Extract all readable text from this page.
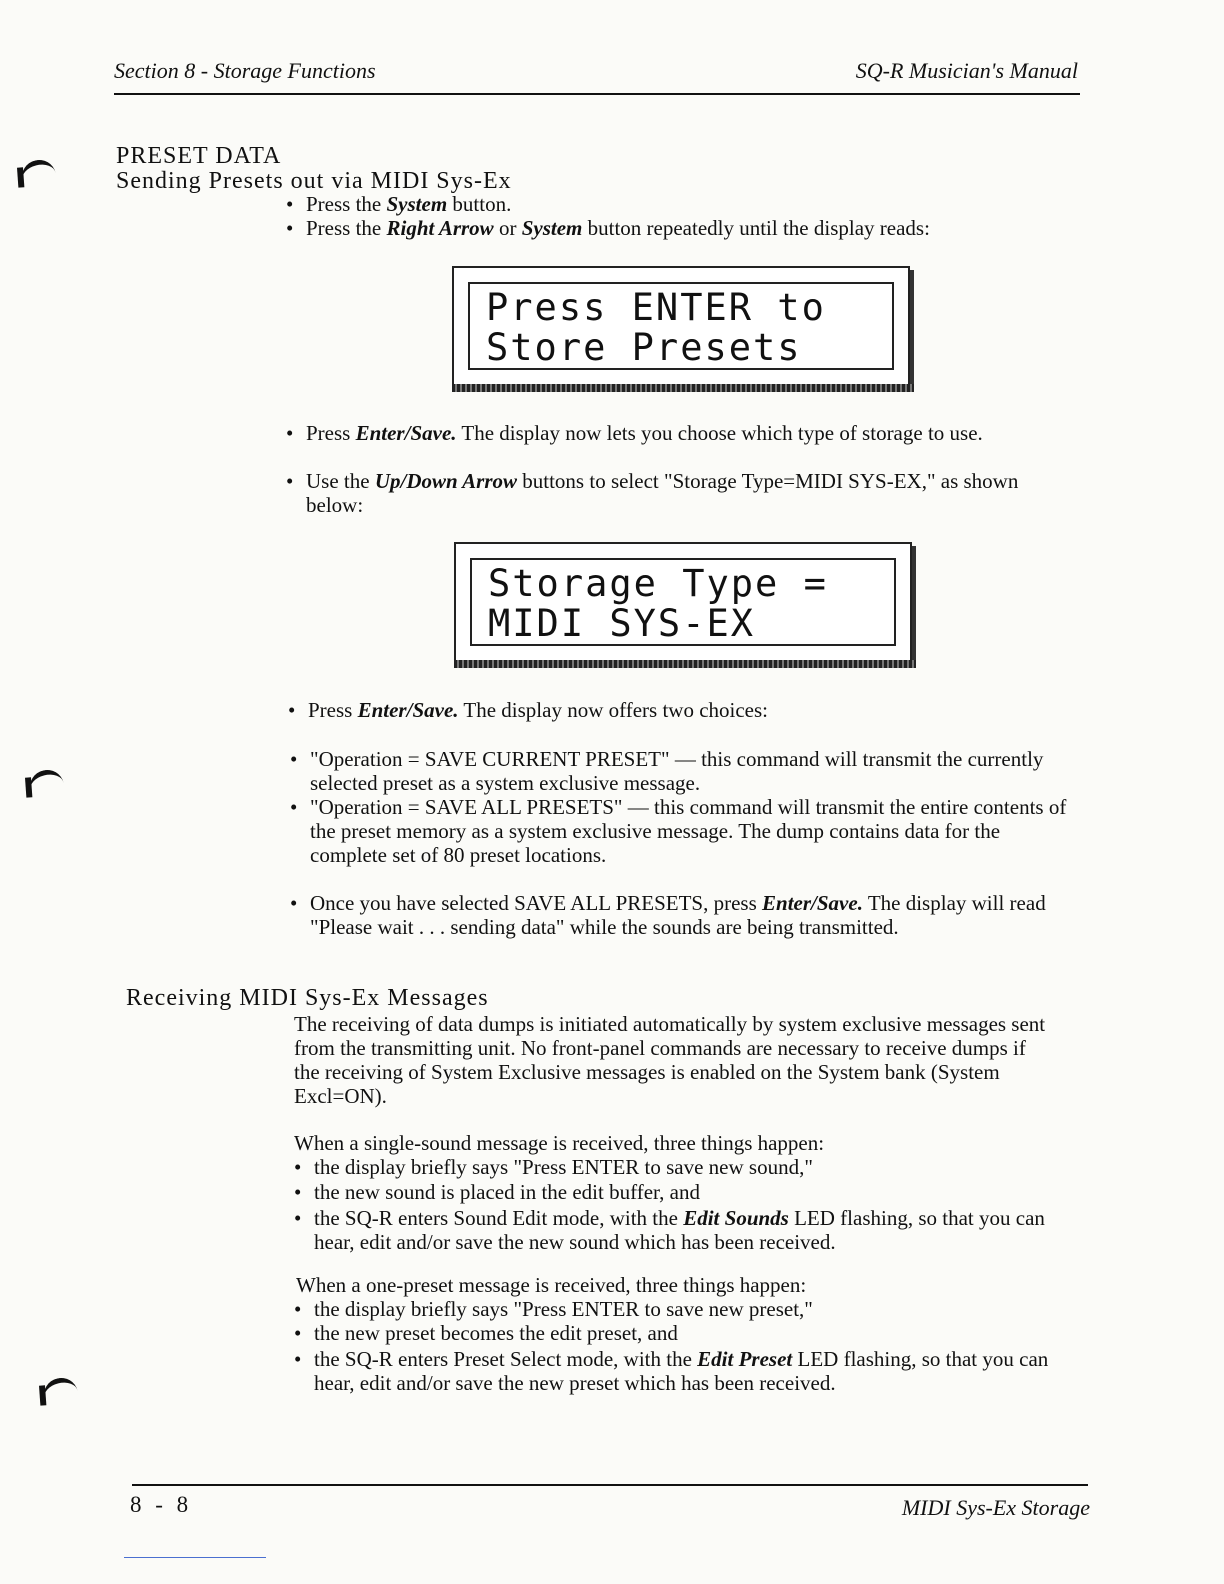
Section 8 - Storage Functions	SQ-R Musician's Manual
PRESET DATA
Sending Presets out via MIDI Sys-Ex
• Press the System button.
• Press the Right Arrow or System button repeatedly until the display reads:
Press ENTER to
Store Presets
• Press Enter/Save. The display now lets you choose which type of storage to use.
• Use the Up/Down Arrow buttons to select "Storage Type=MIDI SYS-EX," as shown below:
Storage Type =
MIDI SYS-EX
• Press Enter/Save. The display now offers two choices:
• "Operation = SAVE CURRENT PRESET" — this command will transmit the currently selected preset as a system exclusive message.
• "Operation = SAVE ALL PRESETS" — this command will transmit the entire contents of the preset memory as a system exclusive message. The dump contains data for the complete set of 80 preset locations.
• Once you have selected SAVE ALL PRESETS, press Enter/Save. The display will read "Please wait . . . sending data" while the sounds are being transmitted.
Receiving MIDI Sys-Ex Messages
The receiving of data dumps is initiated automatically by system exclusive messages sent from the transmitting unit. No front-panel commands are necessary to receive dumps if the receiving of System Exclusive messages is enabled on the System bank (System Excl=ON).
When a single-sound message is received, three things happen:
• the display briefly says "Press ENTER to save new sound,"
• the new sound is placed in the edit buffer, and
• the SQ-R enters Sound Edit mode, with the Edit Sounds LED flashing, so that you can hear, edit and/or save the new sound which has been received.
When a one-preset message is received, three things happen:
• the display briefly says "Press ENTER to save new preset,"
• the new preset becomes the edit preset, and
• the SQ-R enters Preset Select mode, with the Edit Preset LED flashing, so that you can hear, edit and/or save the new preset which has been received.
8 - 8	MIDI Sys-Ex Storage
